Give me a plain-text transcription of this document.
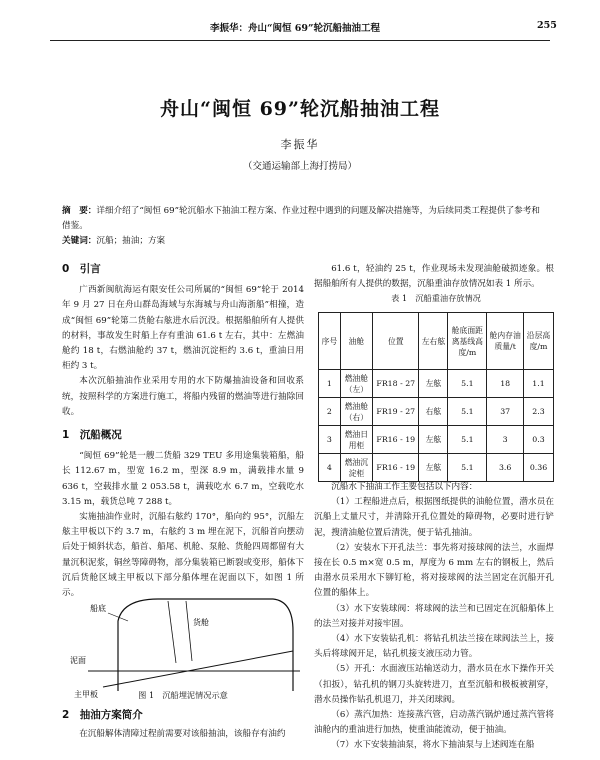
李振华：舟山“闽恒 69”轮沉船抽油工程	255
舟山“闽恒 69”轮沉船抽油工程
李振华
（交通运输部上海打捞局）
摘　要：详细介绍了“闽恒 69”轮沉船水下抽油工程方案、作业过程中遇到的问题及解决措施等，为后续同类工程提供了参考和借鉴。
关键词：沉船；抽油；方案
0　引言

广西新闽航海运有限安任公司所属的“闽恒 69”轮于 2014 年 9 月 27 日在舟山群岛海域与东海城与舟山海浙船”相撞，造成“闽恒 69”轮第二货舱右舷进水后沉没。根据船舶所有人提供的材料，事故发生时船上存有重油 61.6 t 左右，其中：左燃油舱约 18 t，右燃油舱约 37 t，燃油沉淀柜约 3.6 t，重油日用柜约 3 t。

本次沉船抽油作业采用专用的水下防爆抽油设备和回收系统，按照科学的方案进行施工，将船内残留的燃油等进行抽除回收。

1　沉船概况

“闽恒 69”轮是一艘二货船 329 TEU 多用途集装箱船，船长 112.67 m，型宽 16.2 m，型深 8.9 m，满载排水量 9 636 t，空载排水量 2 053.58 t，满载吃水 6.7 m，空载吃水 3.15 m，载货总吨 7 288 t。

实施抽油作业时，沉船右舷约 170°，船向约 95°，沉船左舷主甲板以下约 3.7 m，右舷约 3 m 埋在泥下，沉船首向摆动后处于倾斜状态，船首、船尾、机舱、泵舱、货舱四周都留有大量沉积泥浆，铜丝等障碍物，部分集装箱已断裂或变形，船体下沉后货舱区域主甲板以下部分船体埋在泥面以下，如图 1 所示。

船底
货舱
泥面
主甲板	图 1　沉船埋泥情况示意
2　抽油方案简介

在沉船解体清障过程前需要对该船抽油，该船存有油约

61.6 t，轻油约 25 t，作业现场未发现油舱破损迹象。根据船舶所有人提供的数据，沉船重油存放情况如表 1 所示。

表 1　沉船重油存放情况
序号	油舱	位置	左右舷	舱底面距离基线高度/m	舱内存油质量/t	沿层高度/m
1	燃油舱（左）	FR18 - 27	左舷	5.1	18	1.1
2	燃油舱（右）	FR19 - 27	右舷	5.1	37	2.3
3	燃油日用柜	FR16 - 19	左舷	5.1	3	0.3
4	燃油沉淀柜	FR16 - 19	左舷	5.1	3.6	0.36

沉船水下抽油工作主要包括以下内容：

（1）工程船进点后，根据图纸提供的油舱位置，潜水员在沉船上丈量尺寸，并清除开孔位置处的障碍物，必要时进行铲泥，搜清油舱位置后清洗，便于钻孔抽油。

（2）安装水下开孔法兰：事先将对接球阀的法兰，水面焊接在长 0.5 m×宽 0.5 m，厚度为 6 mm 左右的钢板上，然后由潜水员采用水下铆钉枪，将对接球阀的法兰固定在沉船开孔位置的船体上。

（3）水下安装球阀：将球阀的法兰和已固定在沉船船体上的法兰对接并对接牢固。

（4）水下安装钻孔机：将钻孔机法兰接在球阀法兰上，接头后将球阀开足，钻孔机接支液压动力管。

（5）开孔：水面液压站输送动力，潜水员在水下操作开关（扣扳），钻孔机的钢刀头旋转进刀，直至沉船和极板被割穿，潜水员操作钻孔机退刀，并关闭球阀。

（6）蒸汽加热：连接蒸汽管，启动蒸汽锅炉通过蒸汽管将油舱内的重油进行加热，使重油能流动，便于抽油。

（7）水下安装抽油泵，将水下抽油泵与上述阀连在船
